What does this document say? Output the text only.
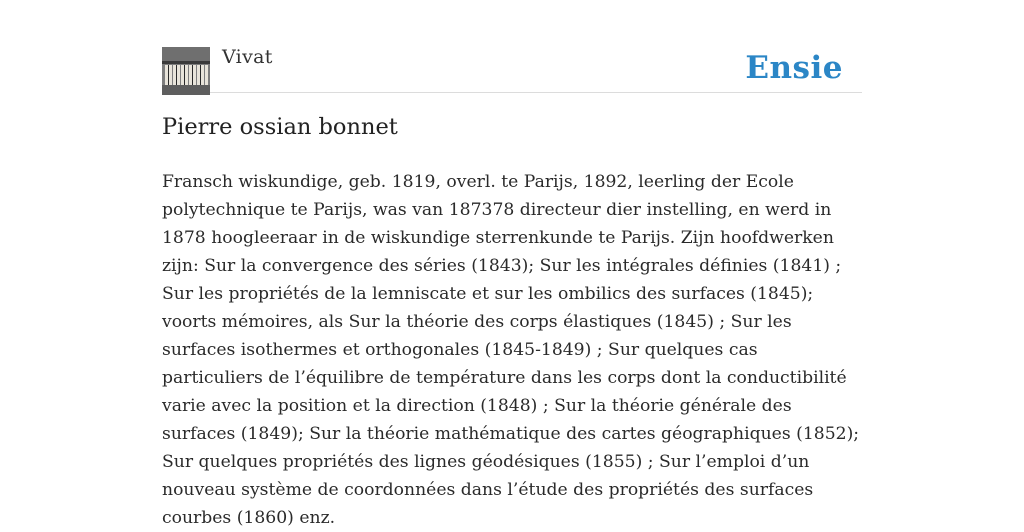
Vivat	Ensie
Pierre ossian bonnet

Fransch wiskundige, geb. 1819, overl. te Parijs, 1892, leerling der Ecole polytechnique te Parijs, was van 187378 directeur dier instelling, en werd in 1878 hoogleeraar in de wiskundige sterrenkunde te Parijs. Zijn hoofdwerken zijn: Sur la convergence des séries (1843); Sur les intégrales définies (1841) ; Sur les propriétés de la lemniscate et sur les ombilics des surfaces (1845); voorts mémoires, als Sur la théorie des corps élastiques (1845) ; Sur les surfaces isothermes et orthogonales (1845-1849) ; Sur quelques cas particuliers de l’équilibre de température dans les corps dont la conductibilité varie avec la position et la direction (1848) ; Sur la théorie générale des surfaces (1849); Sur la théorie mathématique des cartes géographiques (1852); Sur quelques propriétés des lignes géodésiques (1855) ; Sur l’emploi d’un nouveau système de coordonnées dans l’étude des propriétés des surfaces courbes (1860) enz.
